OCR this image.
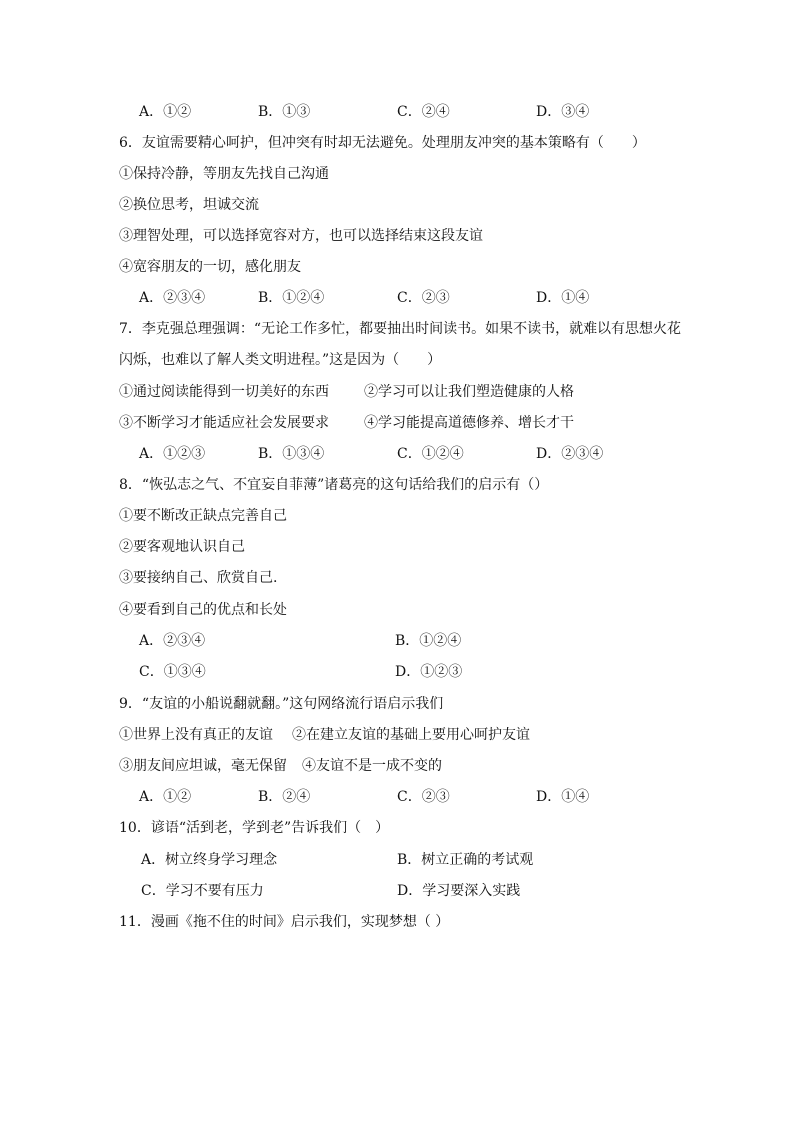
A．①②	B．①③	C．②④	D．③④
6．友谊需要精心呵护，但冲突有时却无法避免。处理朋友冲突的基本策略有（　　）
①保持冷静，等朋友先找自己沟通
②换位思考，坦诚交流
③理智处理，可以选择宽容对方，也可以选择结束这段友谊
④宽容朋友的一切，感化朋友
A．②③④	B．①②④	C．②③	D．①④
7．李克强总理强调：“无论工作多忙，都要抽出时间读书。如果不读书，就难以有思想火花
闪烁，也难以了解人类文明进程。”这是因为（　　）
①通过阅读能得到一切美好的东西	②学习可以让我们塑造健康的人格
③不断学习才能适应社会发展要求	④学习能提高道德修养、增长才干
A．①②③	B．①③④	C．①②④	D．②③④
8．“恢弘志之气、不宜妄自菲薄”诸葛亮的这句话给我们的启示有（）
①要不断改正缺点完善自己
②要客观地认识自己
③要接纳自己、欣赏自己.
④要看到自己的优点和长处
A．②③④	B．①②④
C．①③④	D．①②③
9．“友谊的小船说翻就翻。”这句网络流行语启示我们
①世界上没有真正的友谊 ②在建立友谊的基础上要用心呵护友谊
③朋友间应坦诚，毫无保留 ④友谊不是一成不变的
A．①②	B．②④	C．②③	D．①④
10．谚语“活到老，学到老”告诉我们（　）
A．树立终身学习理念	B．树立正确的考试观
C．学习不要有压力	D．学习要深入实践
11．漫画《拖不住的时间》启示我们，实现梦想（ ）
